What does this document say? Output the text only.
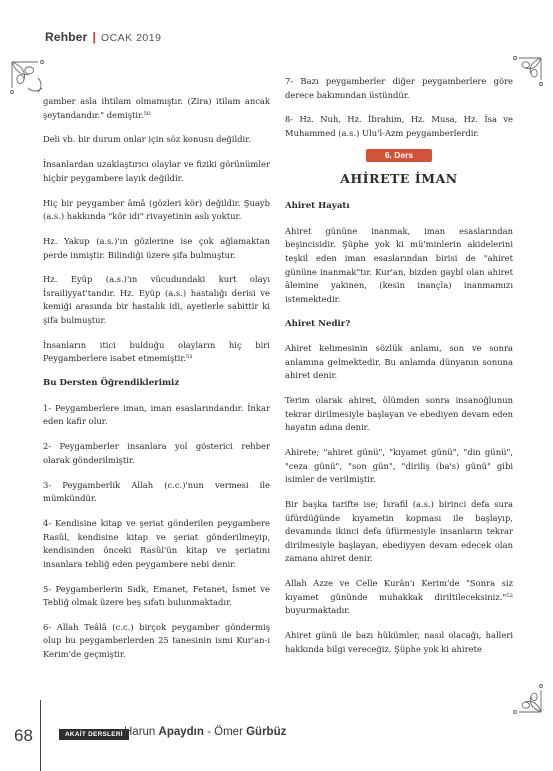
Rehber | OCAK 2019

gamber asla ihtilam olmamıştır. (Zira) itilam ancak şeytandandır." demiştir.⁵⁰

Deli vb. bir durum onlar için söz konusu değildir.

İnsanlardan uzaklaştırıcı olaylar ve fiziki görünümler hiçbir peygambere layık değildir.

Hiç bir peygamber âmâ (gözleri kör) değildir. Şuayb (a.s.) hakkında "kör idi" rivayetinin aslı yoktur.

Hz. Yakup (a.s.)'ın gözlerine ise çok ağlamaktan perde inmiştir. Bilindiği üzere şifa bulmuştur.

Hz. Eyüp (a.s.)'ın vücudundaki kurt olayı İsrailiyyat'tandır. Hz. Eyüp (a.s.) hastalığı derisi ve kemiği arasında bir hastalık idi, ayetlerle sabittir ki şifa bulmuştur.

İnsanların itici bulduğu olayların hiç biri Peygamberlere isabet etmemiştir.⁵¹

Bu Dersten Öğrendiklerimiz

1- Peygamberlere iman, iman esaslarındandır. İnkar eden kafir olur.

2- Peygamberler insanlara yol gösterici rehber olarak gönderilmiştir.

3- Peygamberlik Allah (c.c.)'nun vermesi ile mümkündür.

4- Kendisine kitap ve şeriat gönderilen peygambere Rasûl, kendisine kitap ve şeriat gönderilmeyip, kendisinden önceki Rasûl'ün kitap ve şeriatını insanlara tebliğ eden peygambere nebi denir.

5- Peygamberlerin Sıdk, Emanet, Fetanet, İsmet ve Tebliğ olmak üzere beş sıfatı bulunmaktadır.

6- Allah Teâlâ (c.c.) birçok peygamber göndermiş olup bu peygamberlerden 25 tanesinin ismi Kur'an-ı Kerim'de geçmiştir.

7- Bazı peygamberler diğer peygamberlere göre derece bakımından üstündür.

8- Hz. Nuh, Hz. İbrahim, Hz. Musa, Hz. İsa ve Muhammed (a.s.) Ulu'l-Azm peygamberlerdir.

6. Ders
AHİRETE İMAN
Ahiret Hayatı

Ahiret gününe inanmak, iman esaslarından beşincisidir. Şüphe yok ki mü'minlerin akidelerini teşkil eden iman esaslarından birisi de "ahiret gününe inanmak"tır. Kur'an, bizden gaybî olan ahiret âlemine yakinen, (kesin inançla) inanmamızı istemektedir.

Ahiret Nedir?

Ahiret kelimesinin sözlük anlamı, son ve sonra anlamına gelmektedir. Bu anlamda dünyanın sonuna ahiret denir.

Terim olarak ahiret, ölümden sonra insanoğlunun tekrar dirilmesiyle başlayan ve ebediyen devam eden hayatın adına denir.

Ahirete; "ahiret günü", "kıyamet günü", "din günü", "ceza günü", "son gün", "diriliş (ba's) günü" gibi isimler de verilmiştir.

Bir başka tarifte ise; İsrafil (a.s.) birinci defa sura üfürdüğünde kıyametin kopması ile başlayıp, devamında ikinci defa üfürmesiyle insanların tekrar dirilmesiyle başlayan, ebediyyen devam edecek olan zamana ahiret denir.

Allah Azze ve Celle Kurân'ı Kerim'de "Sonra siz kıyamet gününde muhakkak diriltileceksiniz."⁵² buyurmaktadır.

Ahiret günü ile bazı hükümler, nasıl olacağı, halleri hakkında bilgi vereceğiz. Şüphe yok ki ahirete

68	AKAİT DERSLERİ Harun Apaydın - Ömer Gürbüz
